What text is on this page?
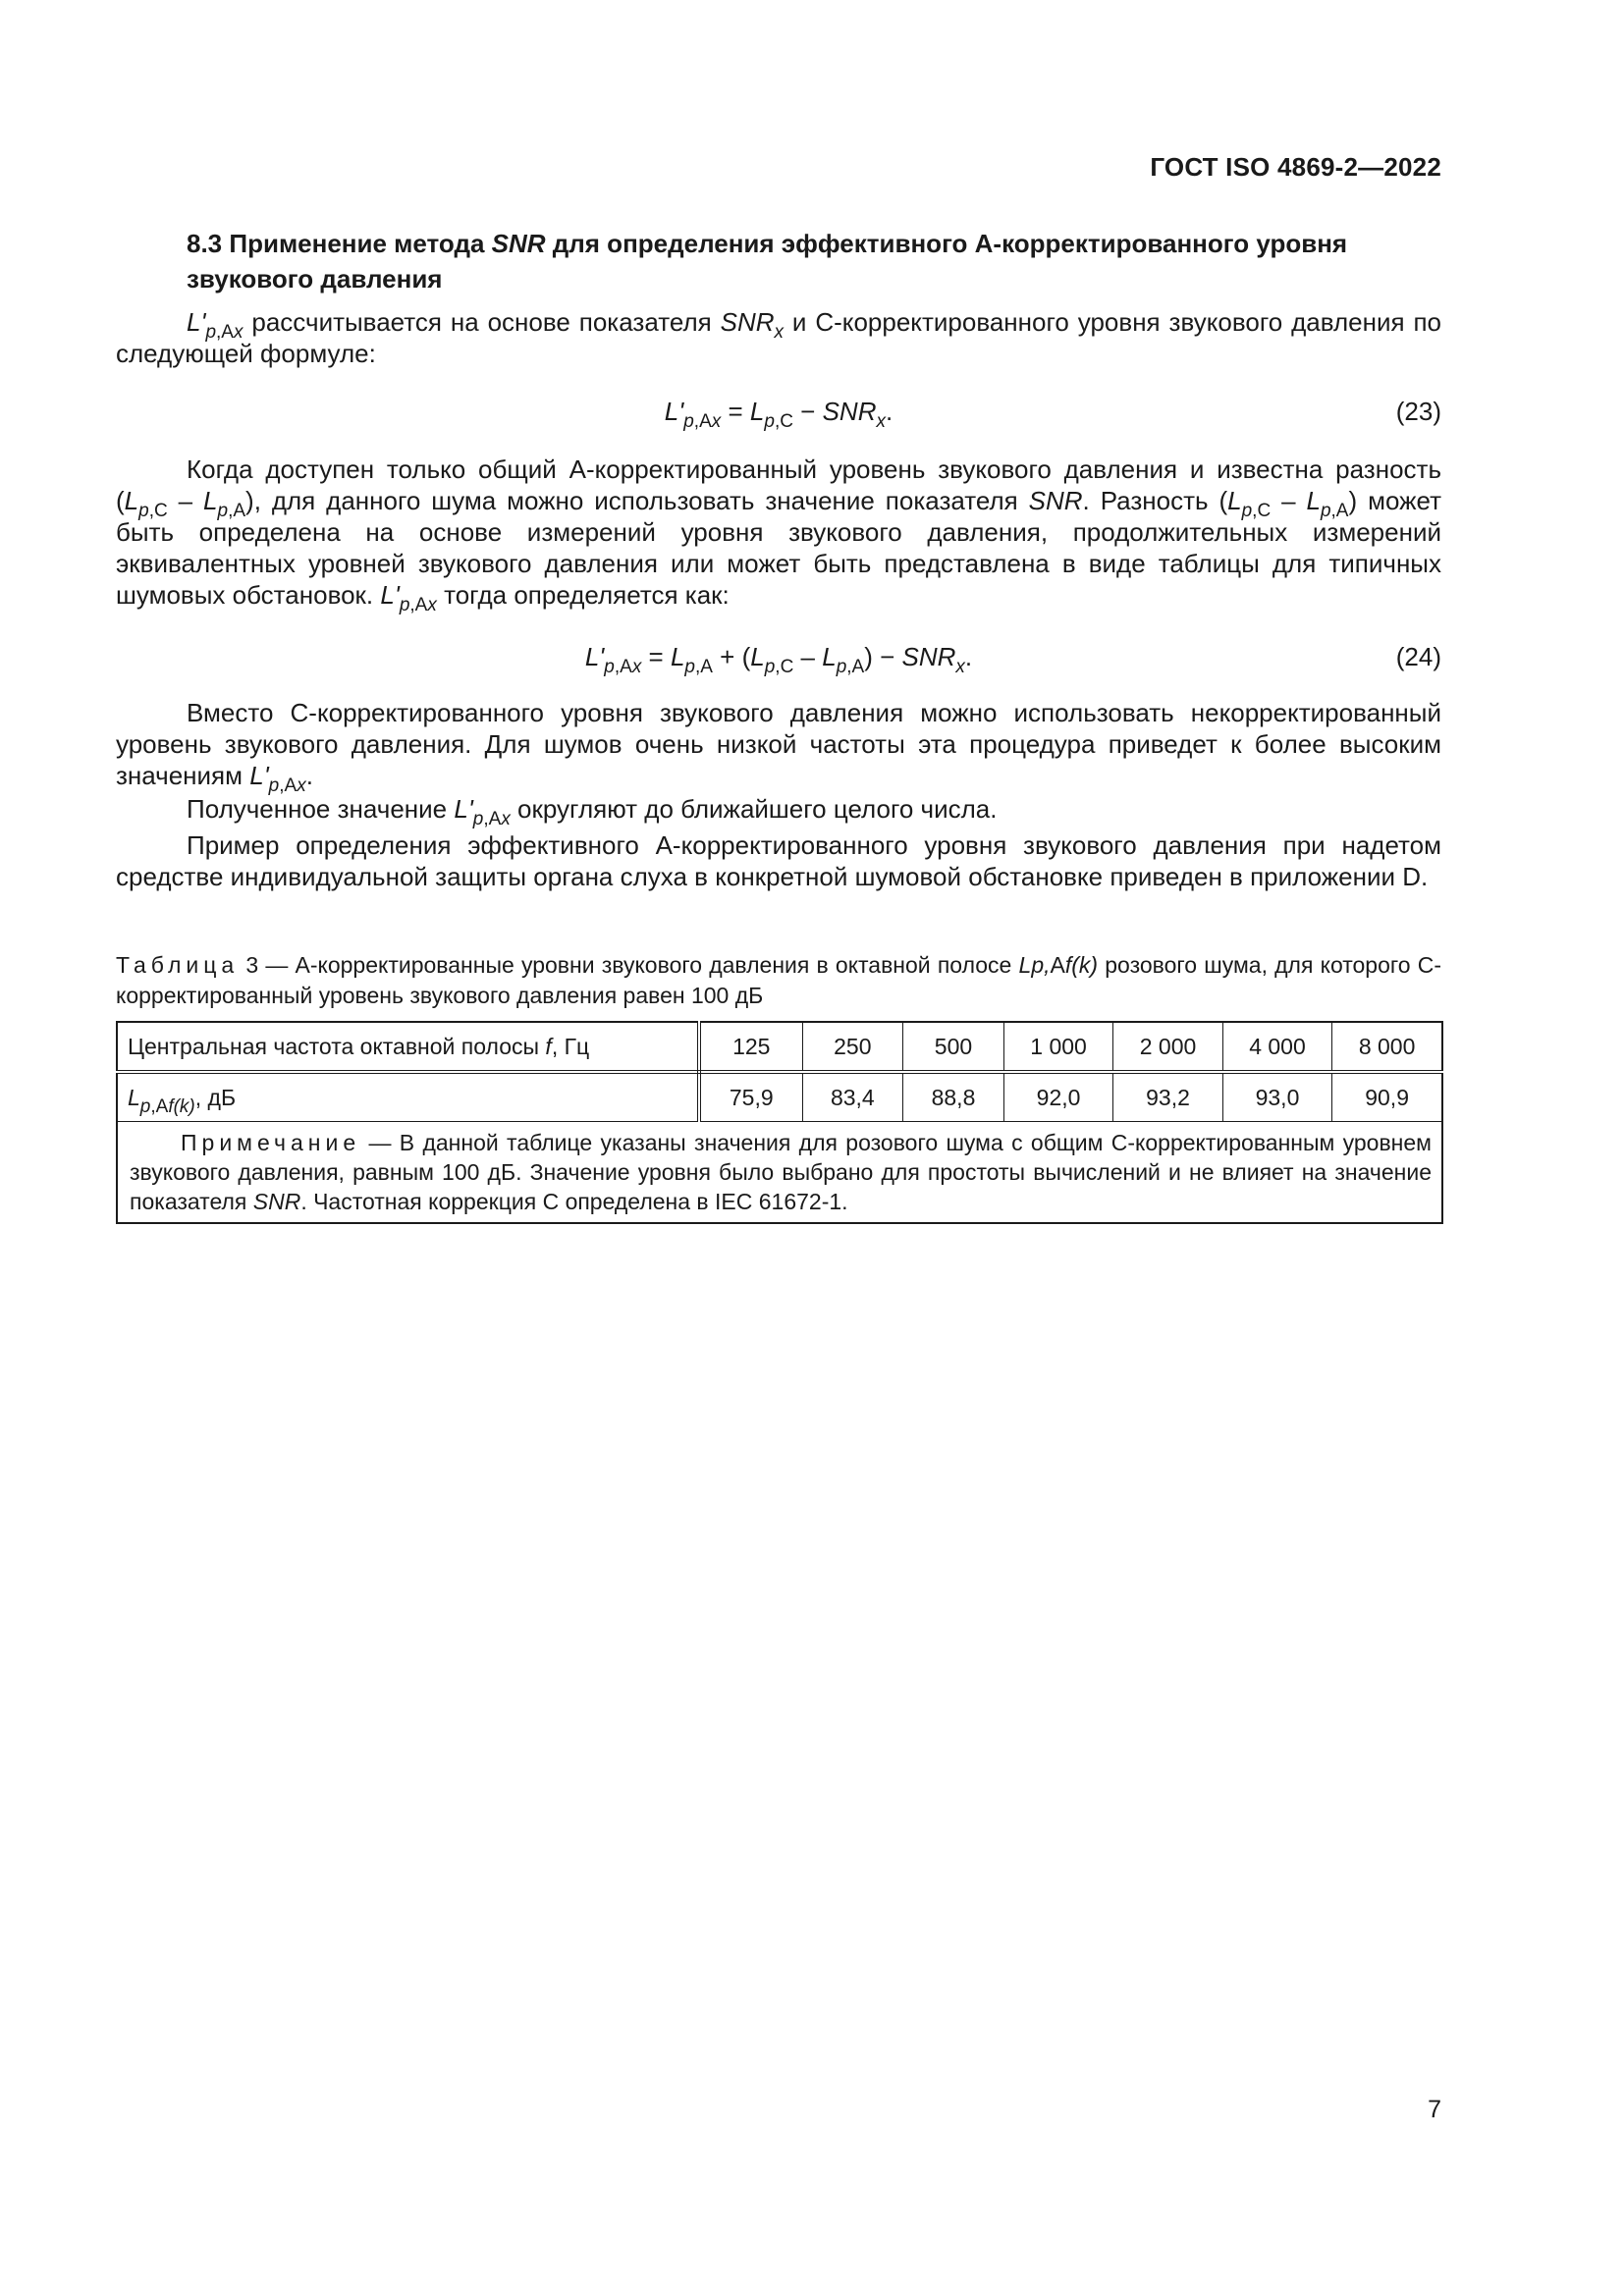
ГОСТ ISO 4869-2—2022
8.3 Применение метода SNR для определения эффективного А-корректированного уровня звукового давления

$L'_{p,Ax}$ рассчитывается на основе показателя $SNR_x$ и С-корректированного уровня звукового давления по следующей формуле:

$L'_{p,Ax} = L_{p,C} - SNR_x$.	(23)

Когда доступен только общий А-корректированный уровень звукового давления и известна разность $(L_{p,C} - L_{p,A})$, для данного шума можно использовать значение показателя SNR. Разность $(L_{p,C} - L_{p,A})$ может быть определена на основе измерений уровня звукового давления, продолжительных измерений эквивалентных уровней звукового давления или может быть представлена в виде таблицы для типичных шумовых обстановок. $L'_{p,Ax}$ тогда определяется как:

$L'_{p,Ax} = L_{p,A} + (L_{p,C} - L_{p,A}) - SNR_x$.	(24)

Вместо С-корректированного уровня звукового давления можно использовать некорректированный уровень звукового давления. Для шумов очень низкой частоты эта процедура приведет к более высоким значениям $L'_{p,Ax}$.

Полученное значение $L'_{p,Ax}$ округляют до ближайшего целого числа.

Пример определения эффективного А-корректированного уровня звукового давления при надетом средстве индивидуальной защиты органа слуха в конкретной шумовой обстановке приведен в приложении D.

Таблица 3 — А-корректированные уровни звукового давления в октавной полосе Lp,Af(k) розового шума, для которого С-корректированный уровень звукового давления равен 100 дБ
Центральная частота октавной полосы f, Гц	125	250	500	1 000	2 000	4 000	8 000
$L_{p,Af(k)}$, дБ	75,9	83,4	88,8	92,0	93,2	93,0	90,9
Примечание — В данной таблице указаны значения для розового шума с общим С-корректированным уровнем звукового давления, равным 100 дБ. Значение уровня было выбрано для простоты вычислений и не влияет на значение показателя SNR. Частотная коррекция С определена в IEC 61672-1.							
7
